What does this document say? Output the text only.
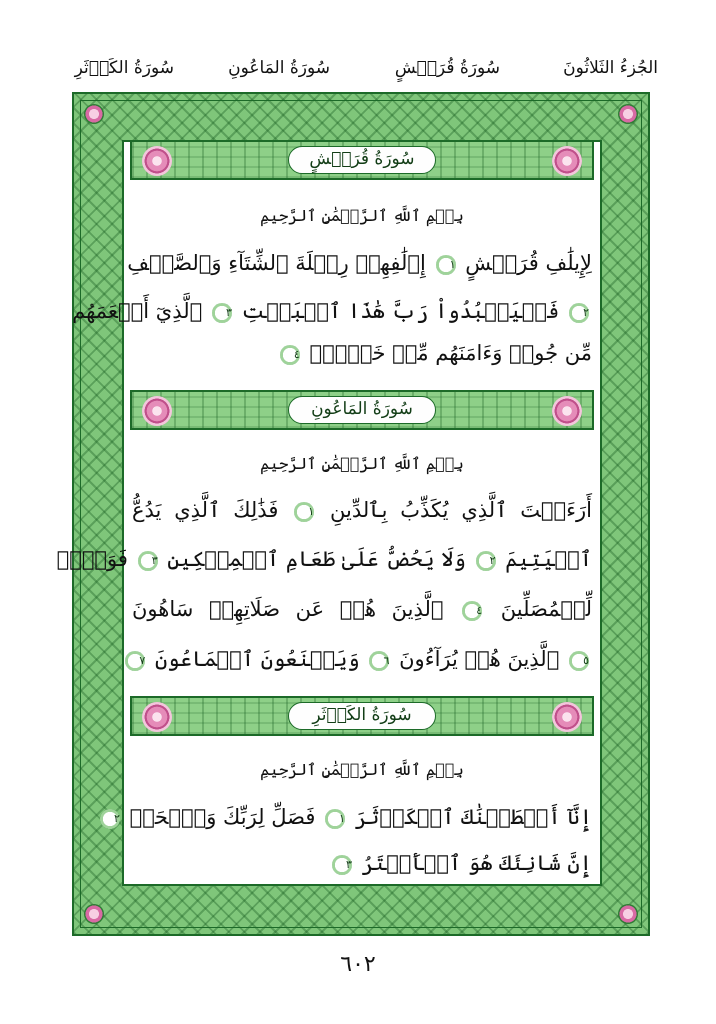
الجُزءُ الثَلاثُونَ
سُورَةُ قُرَيۡشٍ
سُورَةُ المَاعُونِ
سُورَةُ الكَوۡثَرِ
سُورَةُ قُرَيۡشٍ
بِسۡمِ ٱللَّهِ ٱلرَّحۡمَٰنِ ٱلرَّحِيمِ
لِإِيلَٰفِ قُرَيۡشٍ ١ إِۦلَٰفِهِمۡ رِحۡلَةَ ٱلشِّتَآءِ وَٱلصَّيۡفِ
٢ فَلۡيَعۡبُدُواْ رَبَّ هَٰذَا ٱلۡبَيۡتِ ٣ ٱلَّذِيٓ أَطۡعَمَهُم
مِّن جُوعٖ وَءَامَنَهُم مِّنۡ خَوۡفِۭ ٤
سُورَةُ المَاعُونِ
بِسۡمِ ٱللَّهِ ٱلرَّحۡمَٰنِ ٱلرَّحِيمِ
أَرَءَيۡتَ ٱلَّذِي يُكَذِّبُ بِٱلدِّينِ ١ فَذَٰلِكَ ٱلَّذِي يَدُعُّ
ٱلۡيَتِيمَ ٢ وَلَا يَحُضُّ عَلَىٰ طَعَامِ ٱلۡمِسۡكِينِ ٣ فَوَيۡلٞ
لِّلۡمُصَلِّينَ ٤ ٱلَّذِينَ هُمۡ عَن صَلَاتِهِمۡ سَاهُونَ
٥ ٱلَّذِينَ هُمۡ يُرَآءُونَ ٦ وَيَمۡنَعُونَ ٱلۡمَاعُونَ ٧
سُورَةُ الكَوۡثَرِ
بِسۡمِ ٱللَّهِ ٱلرَّحۡمَٰنِ ٱلرَّحِيمِ
إِنَّآ أَعۡطَيۡنَٰكَ ٱلۡكَوۡثَرَ ١ فَصَلِّ لِرَبِّكَ وَٱنۡحَرۡ ٢
إِنَّ شَانِئَكَ هُوَ ٱلۡأَبۡتَرُ ٣
٦٠٢
